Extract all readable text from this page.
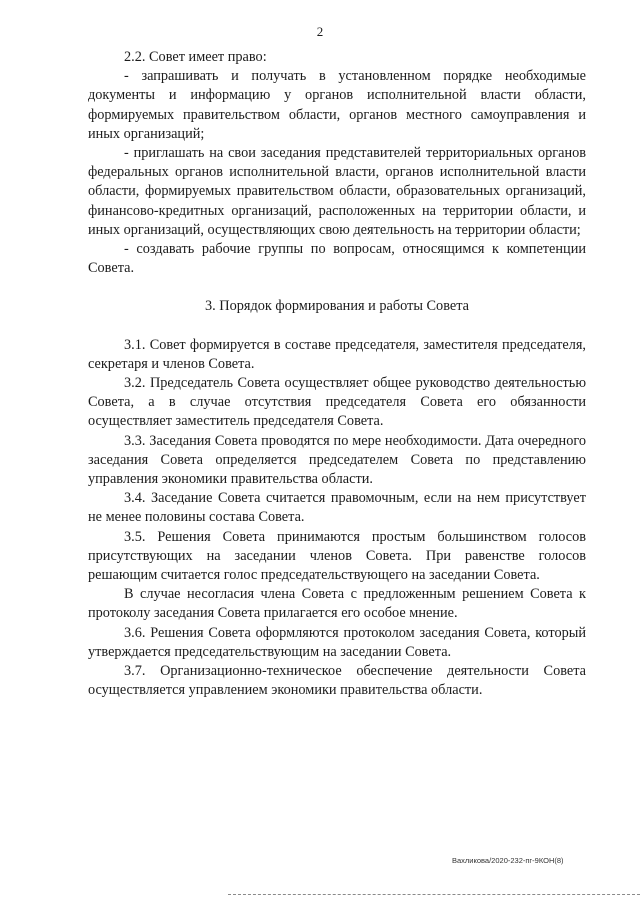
2

2.2. Совет имеет право:

- запрашивать и получать в установленном порядке необходимые документы и информацию у органов исполнительной власти области, формируемых правительством области, органов местного самоуправления и иных организаций;

- приглашать на свои заседания представителей территориальных органов федеральных органов исполнительной власти, органов исполнительной власти области, формируемых правительством области, образовательных организаций, финансово-кредитных организаций, расположенных на территории области, и иных организаций, осуществляющих свою деятельность на территории области;

- создавать рабочие группы по вопросам, относящимся к компетенции Совета.

3. Порядок формирования и работы Совета

3.1. Совет формируется в составе председателя, заместителя председателя, секретаря и членов Совета.

3.2. Председатель Совета осуществляет общее руководство деятельностью Совета, а в случае отсутствия председателя Совета его обязанности осуществляет заместитель председателя Совета.

3.3. Заседания Совета проводятся по мере необходимости. Дата очередного заседания Совета определяется председателем Совета по представлению управления экономики правительства области.

3.4. Заседание Совета считается правомочным, если на нем присутствует не менее половины состава Совета.

3.5. Решения Совета принимаются простым большинством голосов присутствующих на заседании членов Совета. При равенстве голосов решающим считается голос председательствующего на заседании Совета.

В случае несогласия члена Совета с предложенным решением Совета к протоколу заседания Совета прилагается его особое мнение.

3.6. Решения Совета оформляются протоколом заседания Совета, который утверждается председательствующим на заседании Совета.

3.7. Организационно-техническое обеспечение деятельности Совета осуществляется управлением экономики правительства области.

Вахликова/2020-232-пг-9КОН(8)
